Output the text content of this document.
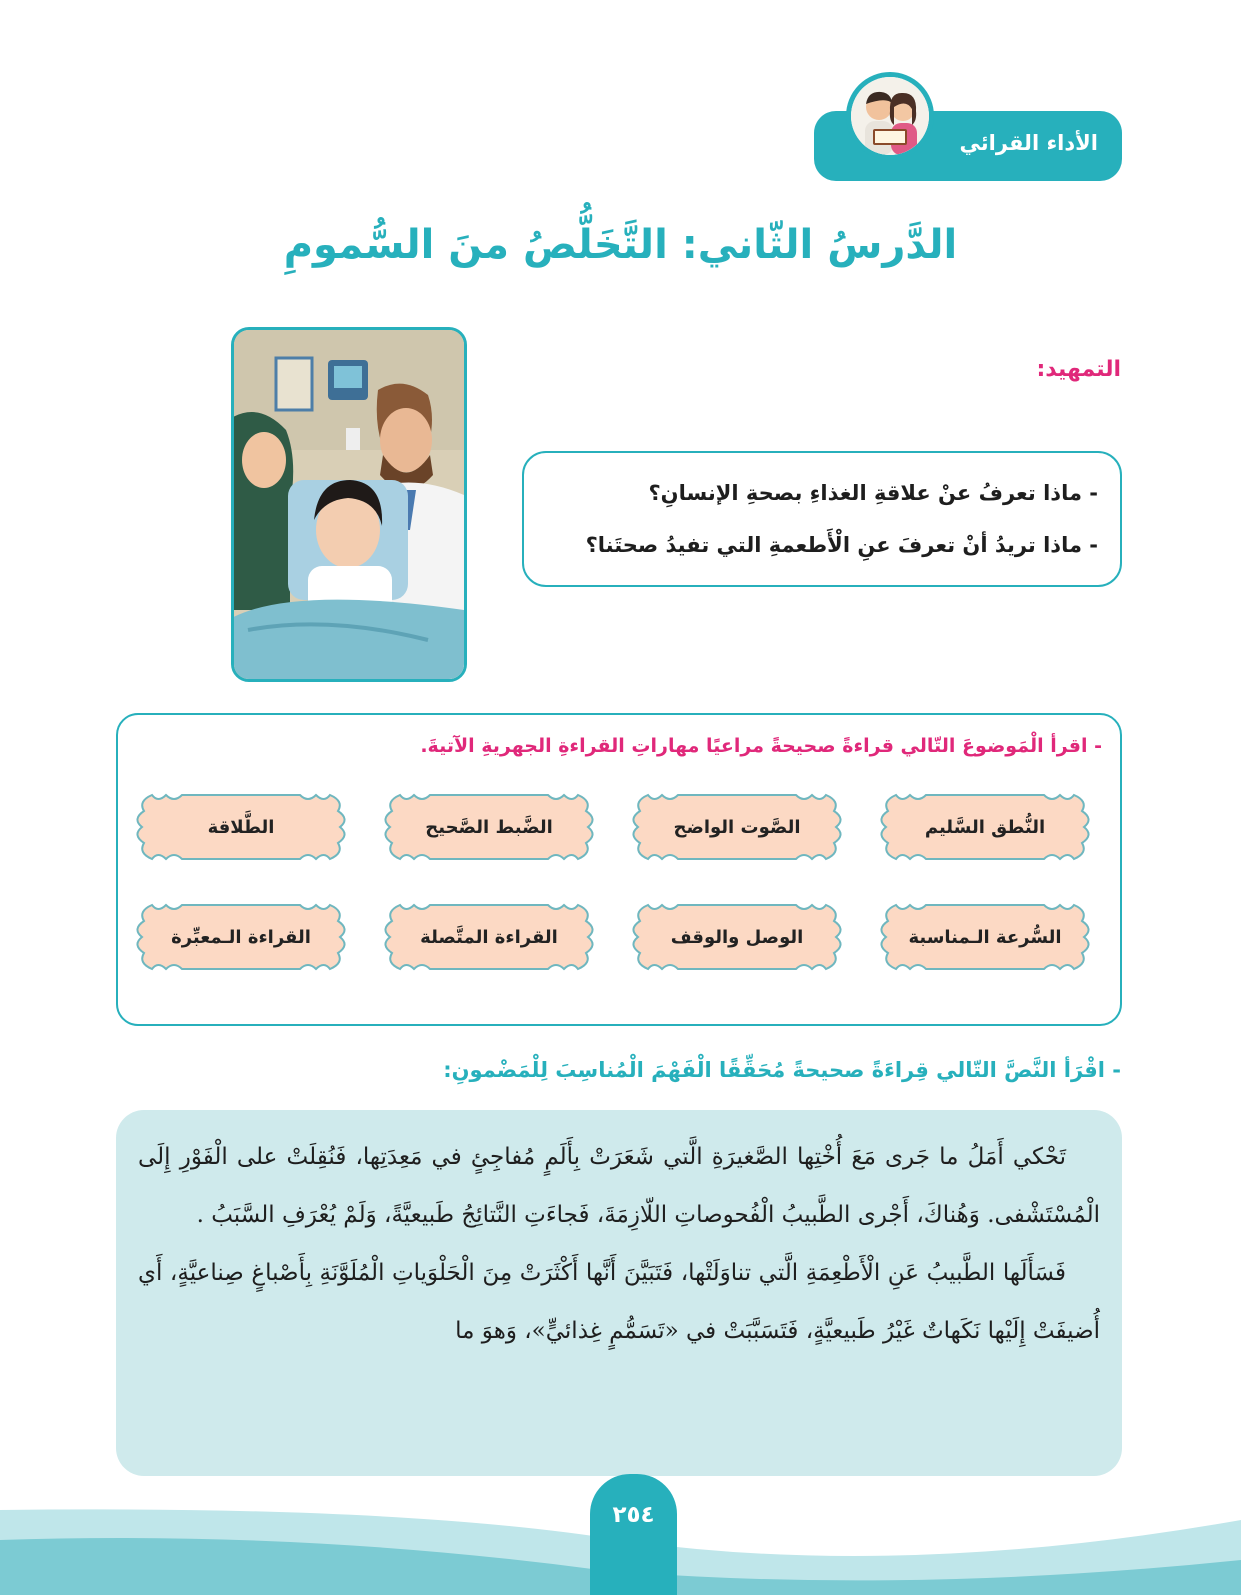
الأداء القرائي
الدَّرسُ الثّاني: التَّخَلُّصُ منَ السُّمومِ
التمهيد:
- ماذا تعرفُ عنْ علاقةِ الغذاءِ بصحةِ الإنسانِ؟
- ماذا تريدُ أنْ تعرفَ عنِ الْأَطعمةِ التي تفيدُ صحتَنا؟
- اقرأ الْمَوضوعَ التّالي قراءةً صحيحةً مراعيًا مهاراتِ القراءةِ الجهريةِ الآتيةَ.
النُّطق السَّليم
الصَّوت الواضح
الضَّبط الصَّحيح
الطَّلاقة
السُّرعة الـمناسبة
الوصل والوقف
القراءة المتَّصلة
القراءة الـمعبِّرة
- اقْرَأ النَّصَّ التّالي قِراءَةً صحيحةً مُحَقِّقًا الْفَهْمَ الْمُناسِبَ لِلْمَضْمونِ:

تَحْكي أَمَلُ ما جَرى مَعَ أُخْتِها الصَّغيرَةِ الَّتي شَعَرَتْ بِأَلَمٍ مُفاجِئٍ في مَعِدَتِها، فَنُقِلَتْ على الْفَوْرِ إِلَى الْمُسْتَشْفى. وَهُناكَ، أَجْرى الطَّبيبُ الْفُحوصاتِ اللّازِمَةَ، فَجاءَتِ النَّتائِجُ طَبيعيَّةً، وَلَمْ يُعْرَفِ السَّبَبُ .

فَسَأَلَها الطَّبيبُ عَنِ الْأَطْعِمَةِ الَّتي تناوَلَتْها، فَتَبَيَّنَ أَنَّها أَكْثَرَتْ مِنَ الْحَلْوَياتِ الْمُلَوَّنَةِ بِأَصْباغٍ صِناعيَّةٍ، أَي أُضيفَتْ إِلَيْها نَكَهاتٌ غَيْرُ طَبيعيَّةٍ، فَتَسَبَّبَتْ في «تَسَمُّمٍ غِذائيٍّ»، وَهوَ ما

٢٥٤
